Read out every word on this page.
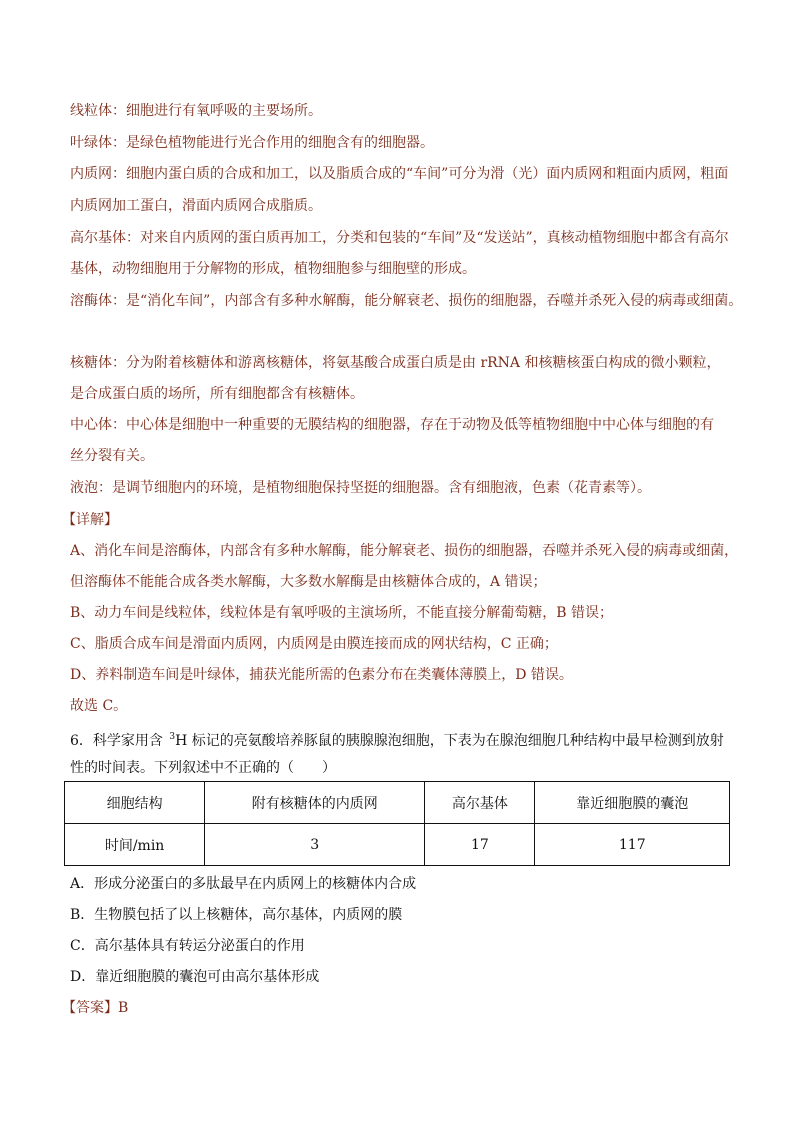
线粒体：细胞进行有氧呼吸的主要场所。
叶绿体：是绿色植物能进行光合作用的细胞含有的细胞器。
内质网：细胞内蛋白质的合成和加工，以及脂质合成的“车间”可分为滑（光）面内质网和粗面内质网，粗面
内质网加工蛋白，滑面内质网合成脂质。
高尔基体：对来自内质网的蛋白质再加工，分类和包装的“车间”及“发送站”，真核动植物细胞中都含有高尔
基体，动物细胞用于分解物的形成，植物细胞参与细胞壁的形成。
溶酶体：是“消化车间”，内部含有多种水解酶，能分解衰老、损伤的细胞器，吞噬并杀死入侵的病毒或细菌。
核糖体：分为附着核糖体和游离核糖体，将氨基酸合成蛋白质是由 rRNA 和核糖核蛋白构成的微小颗粒，
是合成蛋白质的场所，所有细胞都含有核糖体。
中心体：中心体是细胞中一种重要的无膜结构的细胞器，存在于动物及低等植物细胞中中心体与细胞的有
丝分裂有关。
液泡：是调节细胞内的环境，是植物细胞保持坚挺的细胞器。含有细胞液，色素（花青素等）。
【详解】
A、消化车间是溶酶体，内部含有多种水解酶，能分解衰老、损伤的细胞器，吞噬并杀死入侵的病毒或细菌，
但溶酶体不能能合成各类水解酶，大多数水解酶是由核糖体合成的，A 错误；
B、动力车间是线粒体，线粒体是有氧呼吸的主演场所，不能直接分解葡萄糖，B 错误；
C、脂质合成车间是滑面内质网，内质网是由膜连接而成的网状结构，C 正确；
D、养料制造车间是叶绿体，捕获光能所需的色素分布在类囊体薄膜上，D 错误。
故选 C。
6．科学家用含 $^3$H 标记的亮氨酸培养豚鼠的胰腺腺泡细胞，下表为在腺泡细胞几种结构中最早检测到放射
性的时间表。下列叙述中不正确的（　　）
细胞结构	附有核糖体的内质网	高尔基体	靠近细胞膜的囊泡
时间/min	3	17	117
A．形成分泌蛋白的多肽最早在内质网上的核糖体内合成
B．生物膜包括了以上核糖体，高尔基体，内质网的膜
C．高尔基体具有转运分泌蛋白的作用
D．靠近细胞膜的囊泡可由高尔基体形成
【答案】B
